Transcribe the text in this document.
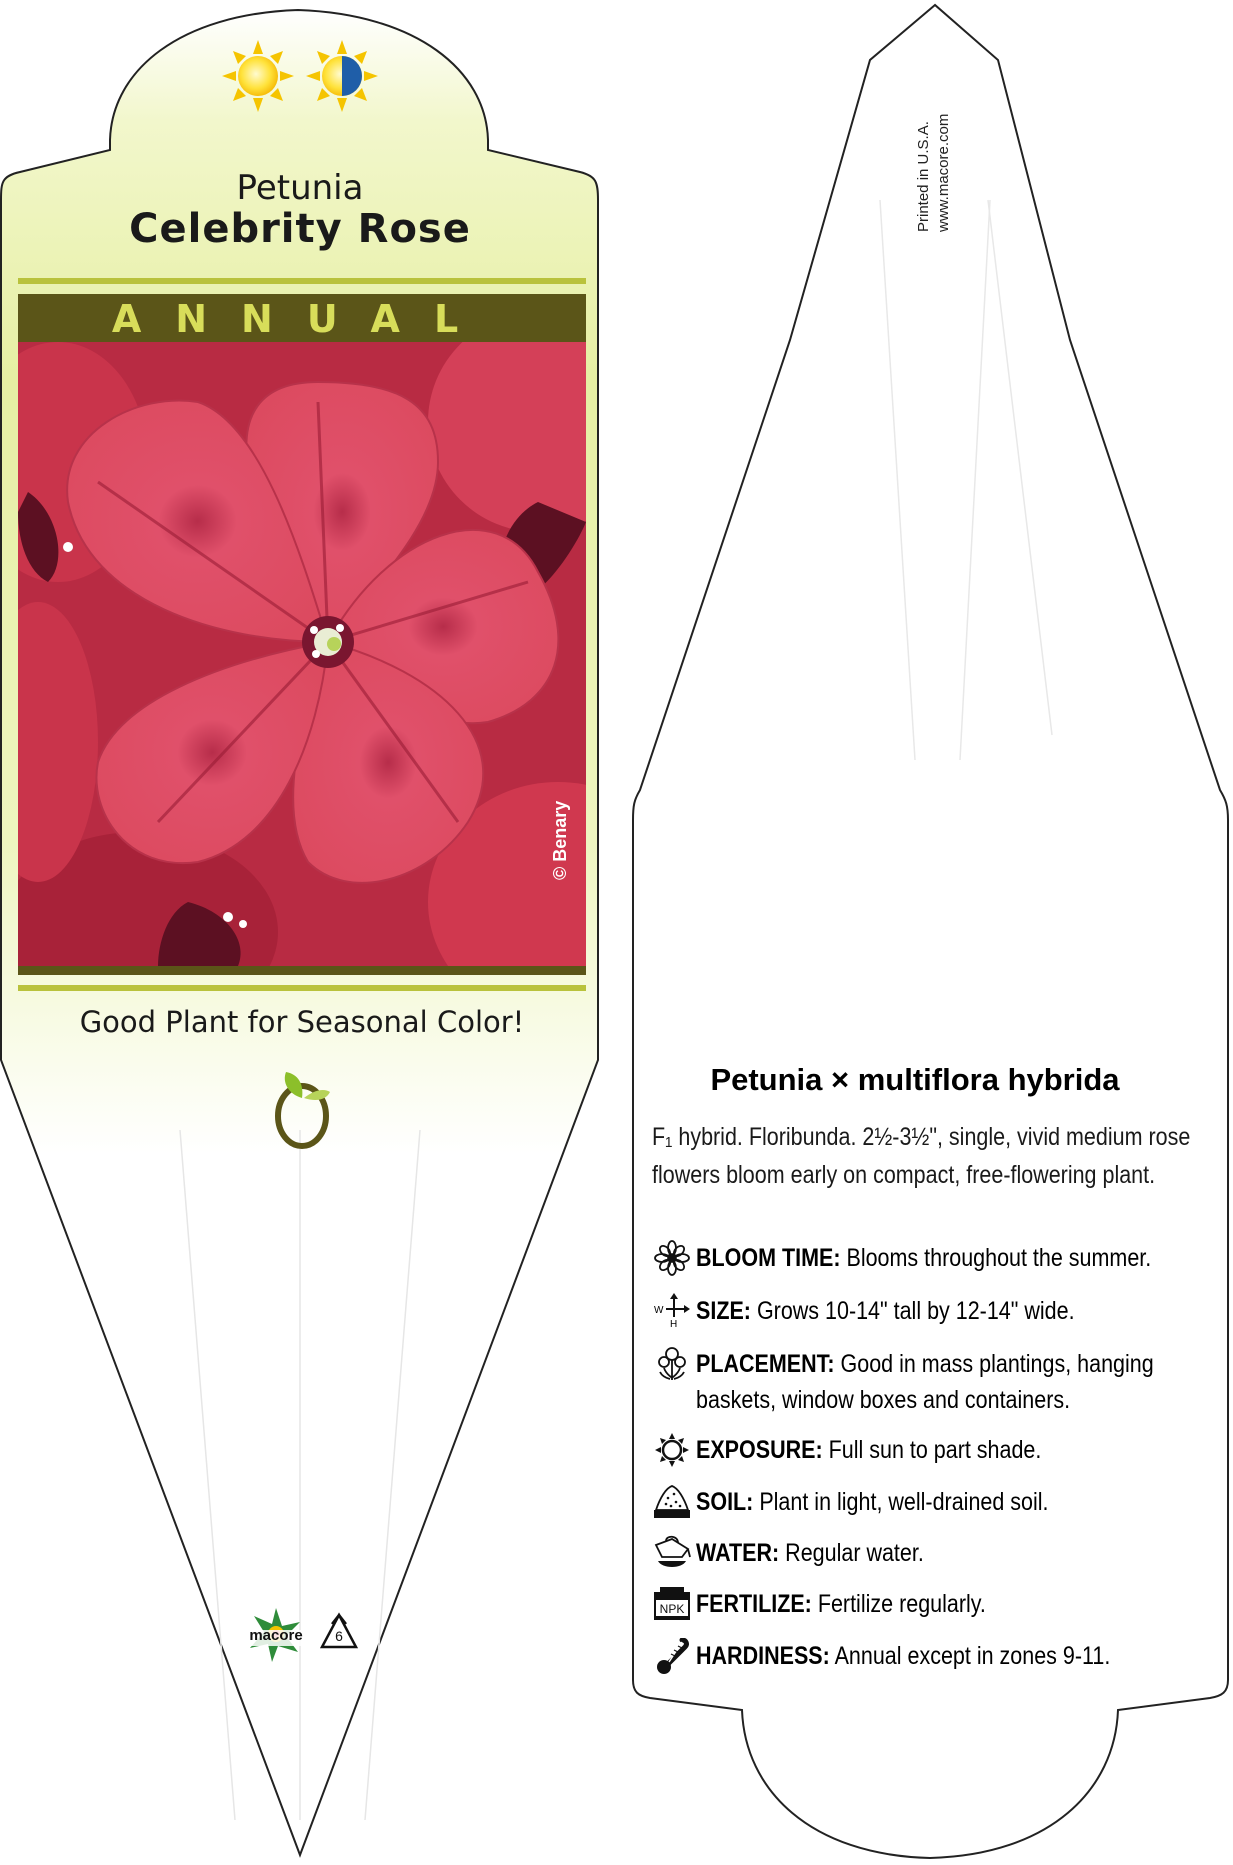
Petunia
Celebrity Rose
ANNUAL
© Benary
Good Plant for Seasonal Color!
macore	6
Printed in U.S.A. www.macore.com
Petunia × multiflora hybrida
F₁ hybrid. Floribunda. 2½-3½", single, vivid medium rose flowers bloom early on compact, free-flowering plant.
BLOOM TIME: Blooms throughout the summer.
W
H SIZE: Grows 10-14" tall by 12-14" wide.
PLACEMENT: Good in mass plantings, hanging baskets, window boxes and containers.
EXPOSURE: Full sun to part shade.
SOIL: Plant in light, well-drained soil.
WATER: Regular water.
NPK FERTILIZE: Fertilize regularly.
HARDINESS: Annual except in zones 9-11.
